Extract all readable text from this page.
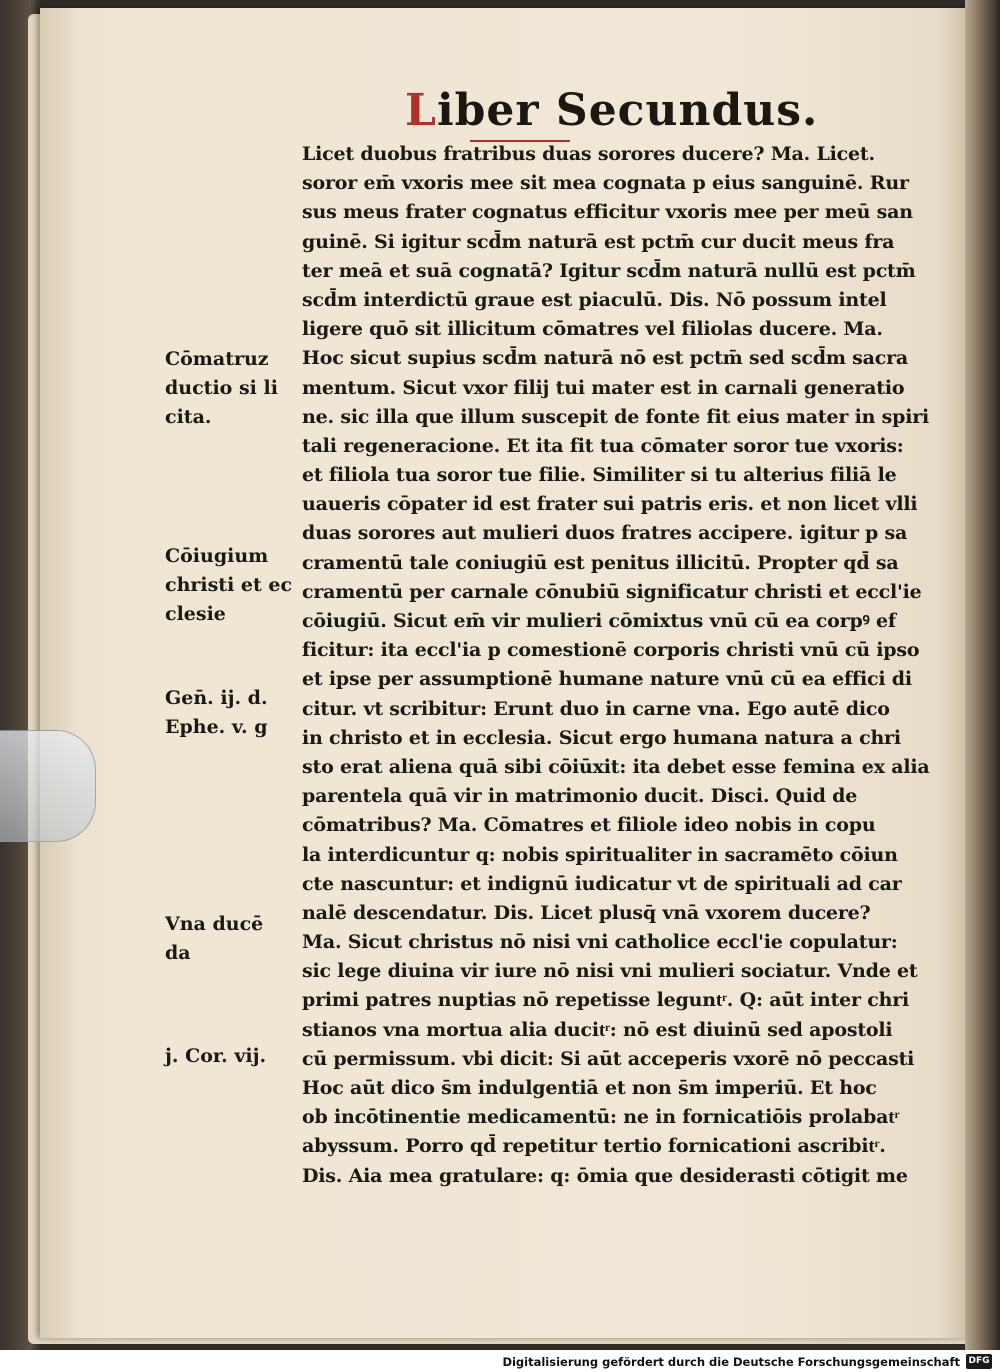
Liber Secundus.
Licet duobus fratribus duas sorores ducere? Ma. Licet.
soror em̄ vxoris mee sit mea cognata p eius sanguinē. Rur
sus meus frater cognatus efficitur vxoris mee per meū san
guinē. Si igitur scd̄m naturā est pctm̄ cur ducit meus fra
ter meā et suā cognatā? Igitur scd̄m naturā nullū est pctm̄
scd̄m interdictū graue est piaculū. Dis. Nō possum intel
ligere quō sit illicitum cōmatres vel filiolas ducere. Ma.
Hoc sicut supius scd̄m naturā nō est pctm̄ sed scd̄m sacra
mentum. Sicut vxor filij tui mater est in carnali generatio
ne. sic illa que illum suscepit de fonte fit eius mater in spiri
tali regeneracione. Et ita fit tua cōmater soror tue vxoris:
et filiola tua soror tue filie. Similiter si tu alterius filiā le
uaueris cōpater id est frater sui patris eris. et non licet vlli
duas sorores aut mulieri duos fratres accipere. igitur p sa
cramentū tale coniugiū est penitus illicitū. Propter qd̄ sa
cramentū per carnale cōnubiū significatur christi et eccl'ie
cōiugiū. Sicut em̄ vir mulieri cōmixtus vnū cū ea corpꝰ ef
ficitur: ita eccl'ia p comestionē corporis christi vnū cū ipso
et ipse per assumptionē humane nature vnū cū ea effici di
citur. vt scribitur: Erunt duo in carne vna. Ego autē dico
in christo et in ecclesia. Sicut ergo humana natura a chri
sto erat aliena quā sibi cōiūxit: ita debet esse femina ex alia
parentela quā vir in matrimonio ducit. Disci. Quid de
cōmatribus? Ma. Cōmatres et filiole ideo nobis in copu
la interdicuntur q: nobis spiritualiter in sacramēto cōiun
cte nascuntur: et indignū iudicatur vt de spirituali ad car
nalē descendatur. Dis. Licet plusq̄ vnā vxorem ducere?
Ma. Sicut christus nō nisi vni catholice eccl'ie copulatur:
sic lege diuina vir iure nō nisi vni mulieri sociatur. Vnde et
primi patres nuptias nō repetisse leguntͬ. Q: aūt inter chri
stianos vna mortua alia ducitͬ: nō est diuinū sed apostoli
cū permissum. vbi dicit: Si aūt acceperis vxorē nō peccasti
Hoc aūt dico s̄m indulgentiā et non s̄m imperiū. Et hoc
ob incōtinentie medicamentū: ne in fornicatiōis prolabatͬ
abyssum. Porro qd̄ repetitur tertio fornicationi ascribitͬ.
Dis. Aia mea gratulare: q: ōmia que desiderasti cōtigit me
Cōmatruz
ductio si li
cita.
Cōiugium
christi et ec
clesie
Gen̄. ij. d.
Ephe. v. g
Vna ducē
da
j. Cor. vij.
Digitalisierung gefördert durch die Deutsche Forschungsgemeinschaft DFG
